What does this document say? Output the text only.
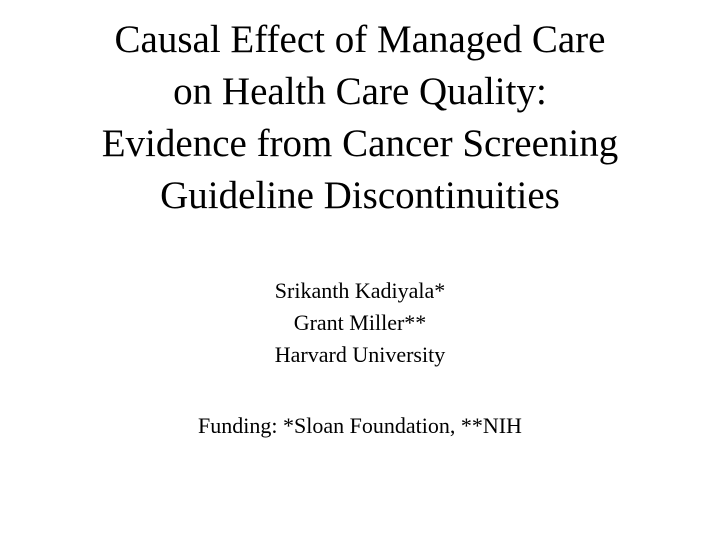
Causal Effect of Managed Care
on Health Care Quality:
Evidence from Cancer Screening
Guideline Discontinuities
Srikanth Kadiyala*
Grant Miller**
Harvard University
Funding: *Sloan Foundation, **NIH
